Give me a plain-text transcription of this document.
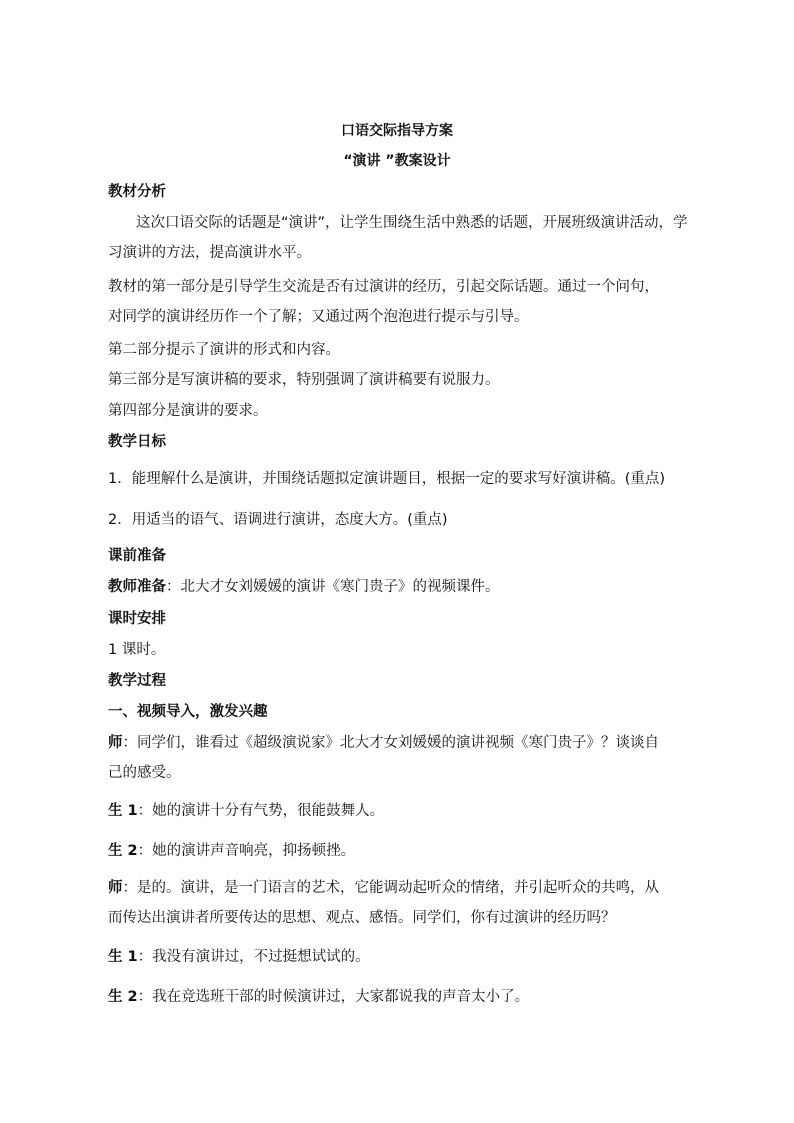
口语交际指导方案
“演讲 ”教案设计
教材分析
这次口语交际的话题是“演讲”，让学生围绕生活中熟悉的话题，开展班级演讲活动，学
习演讲的方法，提高演讲水平。
教材的第一部分是引导学生交流是否有过演讲的经历，引起交际话题。通过一个问句，
对同学的演讲经历作一个了解；又通过两个泡泡进行提示与引导。
第二部分提示了演讲的形式和内容。
第三部分是写演讲稿的要求，特别强调了演讲稿要有说服力。
第四部分是演讲的要求。
教学日标
1．能理解什么是演讲，并围绕话题拟定演讲题目，根据一定的要求写好演讲稿。(重点)
2．用适当的语气、语调进行演讲，态度大方。(重点)
课前准备
教师准备：北大才女刘媛媛的演讲《寒门贵子》的视频课件。
课时安排
1 课时。
教学过程
一、视频导入，激发兴趣
师：同学们，谁看过《超级演说家》北大才女刘媛媛的演讲视频《寒门贵子》？谈谈自
己的感受。
生 1：她的演讲十分有气势，很能鼓舞人。
生 2：她的演讲声音响亮，抑扬顿挫。
师：是的。演讲，是一门语言的艺术，它能调动起听众的情绪，并引起听众的共鸣，从
而传达出演讲者所要传达的思想、观点、感悟。同学们，你有过演讲的经历吗？
生 1：我没有演讲过，不过挺想试试的。
生 2：我在竞选班干部的时候演讲过，大家都说我的声音太小了。
